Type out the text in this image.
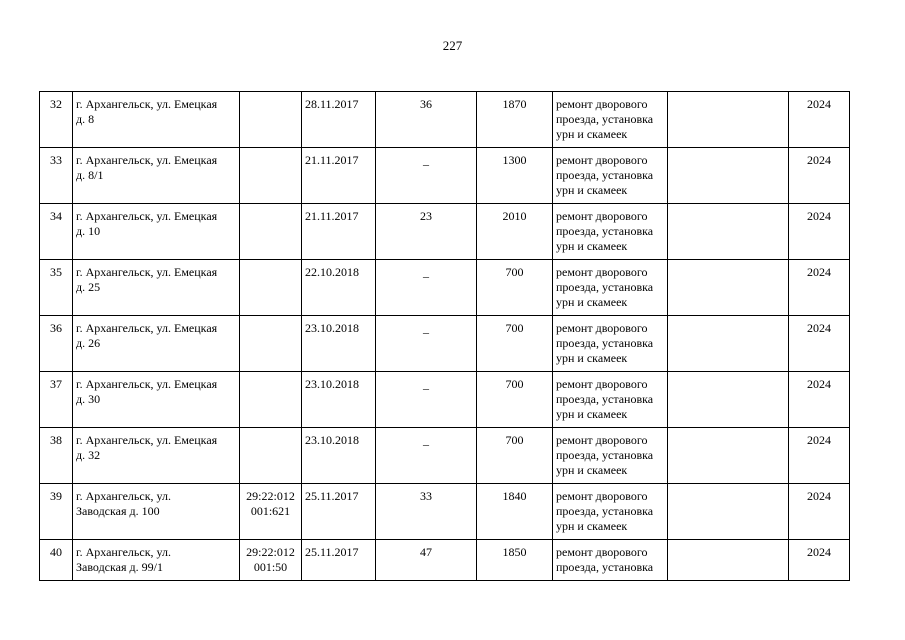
227
32	г. Архангельск, ул. Емецкая
д. 8		28.11.2017	36	1870	ремонт дворового
проезда, установка
урн и скамеек		2024
33	г. Архангельск, ул. Емецкая
д. 8/1		21.11.2017	_	1300	ремонт дворового
проезда, установка
урн и скамеек		2024
34	г. Архангельск, ул. Емецкая
д. 10		21.11.2017	23	2010	ремонт дворового
проезда, установка
урн и скамеек		2024
35	г. Архангельск, ул. Емецкая
д. 25		22.10.2018	_	700	ремонт дворового
проезда, установка
урн и скамеек		2024
36	г. Архангельск, ул. Емецкая
д. 26		23.10.2018	_	700	ремонт дворового
проезда, установка
урн и скамеек		2024
37	г. Архангельск, ул. Емецкая
д. 30		23.10.2018	_	700	ремонт дворового
проезда, установка
урн и скамеек		2024
38	г. Архангельск, ул. Емецкая
д. 32		23.10.2018	_	700	ремонт дворового
проезда, установка
урн и скамеек		2024
39	г. Архангельск, ул.
Заводская д. 100	29:22:012
001:621	25.11.2017	33	1840	ремонт дворового
проезда, установка
урн и скамеек		2024
40	г. Архангельск, ул.
Заводская д. 99/1	29:22:012
001:50	25.11.2017	47	1850	ремонт дворового
проезда, установка		2024
